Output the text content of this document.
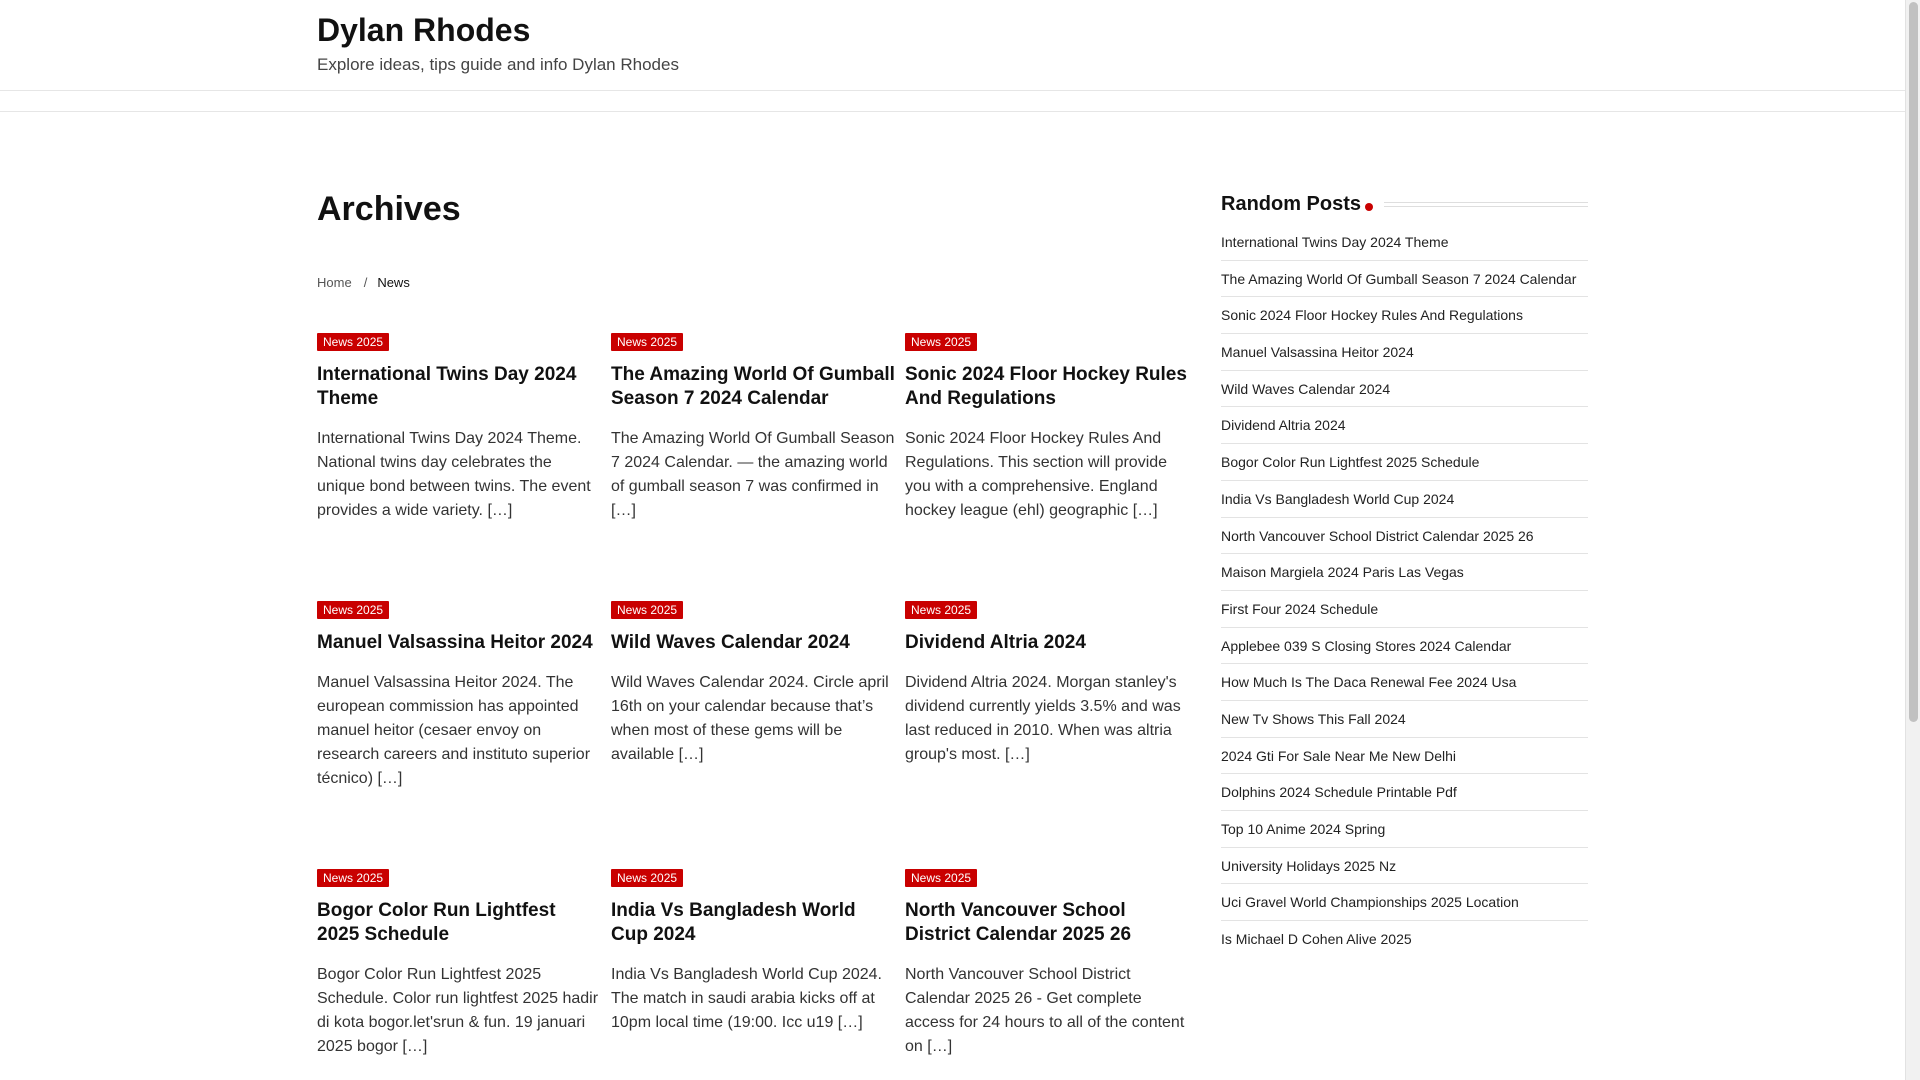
Dylan Rhodes
Explore ideas, tips guide and info Dylan Rhodes
Archives
Home / News
News 2025
International Twins Day 2024 Theme

International Twins Day 2024 Theme. National twins day celebrates the unique bond between twins. The event provides a wide variety. […]

News 2025
The Amazing World Of Gumball Season 7 2024 Calendar

The Amazing World Of Gumball Season 7 2024 Calendar. — the amazing world of gumball season 7 was confirmed in […]

News 2025
Sonic 2024 Floor Hockey Rules And Regulations

Sonic 2024 Floor Hockey Rules And Regulations. This section will provide you with a comprehensive. England hockey league (ehl) geographic […]

News 2025
Manuel Valsassina Heitor 2024

Manuel Valsassina Heitor 2024. The european commission has appointed manuel heitor (cesaer envoy on research careers and instituto superior técnico) […]

News 2025
Wild Waves Calendar 2024

Wild Waves Calendar 2024. Circle april 16th on your calendar because that’s when most of these gems will be available […]

News 2025
Dividend Altria 2024

Dividend Altria 2024. Morgan stanley's dividend currently yields 3.5% and was last reduced in 2010. When was altria group's most. […]

News 2025
Bogor Color Run Lightfest 2025 Schedule

Bogor Color Run Lightfest 2025 Schedule. Color run lightfest 2025 hadir di kota bogor.let'srun & fun. 19 januari 2025 bogor […]

News 2025
India Vs Bangladesh World Cup 2024

India Vs Bangladesh World Cup 2024. The match in saudi arabia kicks off at 10pm local time (19:00. Icc u19 […]

News 2025
North Vancouver School District Calendar 2025 26

North Vancouver School District Calendar 2025 26 - Get complete access for 24 hours to all of the content on […]

Random Posts
International Twins Day 2024 Theme
The Amazing World Of Gumball Season 7 2024 Calendar
Sonic 2024 Floor Hockey Rules And Regulations
Manuel Valsassina Heitor 2024
Wild Waves Calendar 2024
Dividend Altria 2024
Bogor Color Run Lightfest 2025 Schedule
India Vs Bangladesh World Cup 2024
North Vancouver School District Calendar 2025 26
Maison Margiela 2024 Paris Las Vegas
First Four 2024 Schedule
Applebee 039 S Closing Stores 2024 Calendar
How Much Is The Daca Renewal Fee 2024 Usa
New Tv Shows This Fall 2024
2024 Gti For Sale Near Me New Delhi
Dolphins 2024 Schedule Printable Pdf
Top 10 Anime 2024 Spring
University Holidays 2025 Nz
Uci Gravel World Championships 2025 Location
Is Michael D Cohen Alive 2025
